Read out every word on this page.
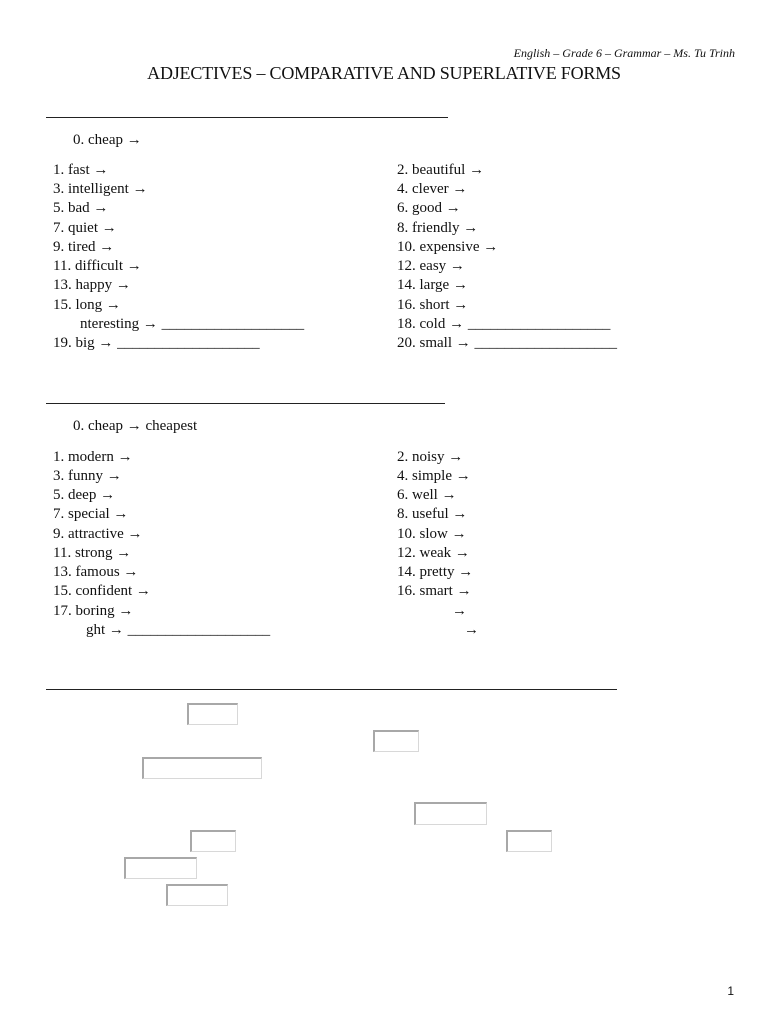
English – Grade 6 – Grammar – Ms. Tu Trinh
ADJECTIVES – COMPARATIVE AND SUPERLATIVE FORMS
0. cheap →
1. fast →
3. intelligent →
5. bad →
7. quiet →
9. tired →
11. difficult →
13. happy →
15. long →
nteresting → ___________________
19. big → ___________________
2. beautiful →
4. clever →
6. good →
8. friendly →
10. expensive →
12. easy →
14. large →
16. short →
18. cold → ___________________
20. small → ___________________
0. cheap → cheapest
1. modern →
3. funny →
5. deep →
7. special →
9. attractive →
11. strong →
13. famous →
15. confident →
17. boring →
ght → ___________________
2. noisy →
4. simple →
6. well →
8. useful →
10. slow →
12. weak →
14. pretty →
16. smart →
→
→
1
